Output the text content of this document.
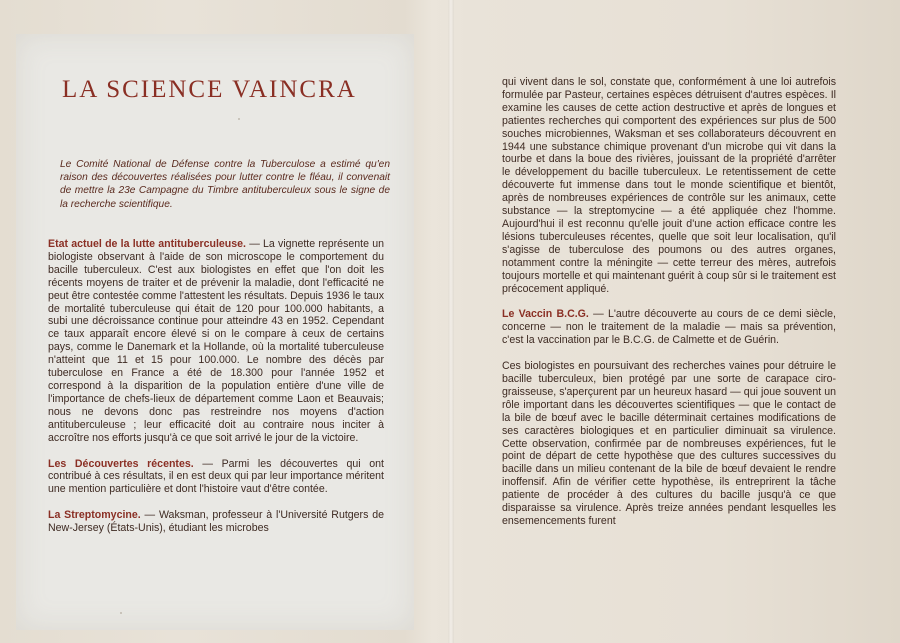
LA SCIENCE VAINCRA
Le Comité National de Défense contre la Tuberculose a estimé qu'en raison des découvertes réalisées pour lutter contre le fléau, il convenait de mettre la 23e Campagne du Timbre antituberculeux sous le signe de la recherche scientifique.

Etat actuel de la lutte antituberculeuse. — La vignette représente un biologiste observant à l'aide de son microscope le comportement du bacille tuberculeux. C'est aux biologistes en effet que l'on doit les récents moyens de traiter et de prévenir la maladie, dont l'efficacité ne peut être contestée comme l'attestent les résultats. Depuis 1936 le taux de mortalité tuberculeuse qui était de 120 pour 100.000 habitants, a subi une décroissance continue pour atteindre 43 en 1952. Cependant ce taux apparaît encore élevé si on le compare à ceux de certains pays, comme le Danemark et la Hollande, où la mortalité tuberculeuse n'atteint que 11 et 15 pour 100.000. Le nombre des décès par tuberculose en France a été de 18.300 pour l'année 1952 et correspond à la disparition de la population entière d'une ville de l'importance de chefs-lieux de département comme Laon et Beauvais; nous ne devons donc pas restreindre nos moyens d'action antituberculeuse ; leur efficacité doit au contraire nous inciter à accroître nos efforts jusqu'à ce que soit arrivé le jour de la victoire.

Les Découvertes récentes. — Parmi les découvertes qui ont contribué à ces résultats, il en est deux qui par leur importance méritent une mention particulière et dont l'histoire vaut d'être contée.

La Streptomycine. — Waksman, professeur à l'Université Rutgers de New-Jersey (États-Unis), étudiant les microbes

qui vivent dans le sol, constate que, conformément à une loi autrefois formulée par Pasteur, certaines espèces détruisent d'autres espèces. Il examine les causes de cette action destructive et après de longues et patientes recherches qui comportent des expériences sur plus de 500 souches microbiennes, Waksman et ses collaborateurs découvrent en 1944 une substance chimique provenant d'un microbe qui vit dans la tourbe et dans la boue des rivières, jouissant de la propriété d'arrêter le développement du bacille tuberculeux. Le retentissement de cette découverte fut immense dans tout le monde scientifique et bientôt, après de nombreuses expériences de contrôle sur les animaux, cette substance — la streptomycine — a été appliquée chez l'homme. Aujourd'hui il est reconnu qu'elle jouit d'une action efficace contre les lésions tuberculeuses récentes, quelle que soit leur localisation, qu'il s'agisse de tuberculose des poumons ou des autres organes, notamment contre la méningite — cette terreur des mères, autrefois toujours mortelle et qui maintenant guérit à coup sûr si le traitement est précocement appliqué.

Le Vaccin B.C.G. — L'autre découverte au cours de ce demi siècle, concerne — non le traitement de la maladie — mais sa prévention, c'est la vaccination par le B.C.G. de Calmette et de Guérin.

Ces biologistes en poursuivant des recherches vaines pour détruire le bacille tuberculeux, bien protégé par une sorte de carapace ciro-graisseuse, s'aperçurent par un heureux hasard — qui joue souvent un rôle important dans les découvertes scientifiques — que le contact de la bile de bœuf avec le bacille déterminait certaines modifications de ses caractères biologiques et en particulier diminuait sa virulence. Cette observation, confirmée par de nombreuses expériences, fut le point de départ de cette hypothèse que des cultures successives du bacille dans un milieu contenant de la bile de bœuf devaient le rendre inoffensif. Afin de vérifier cette hypothèse, ils entreprirent la tâche patiente de procéder à des cultures du bacille jusqu'à ce que disparaisse sa virulence. Après treize années pendant lesquelles les ensemencements furent
